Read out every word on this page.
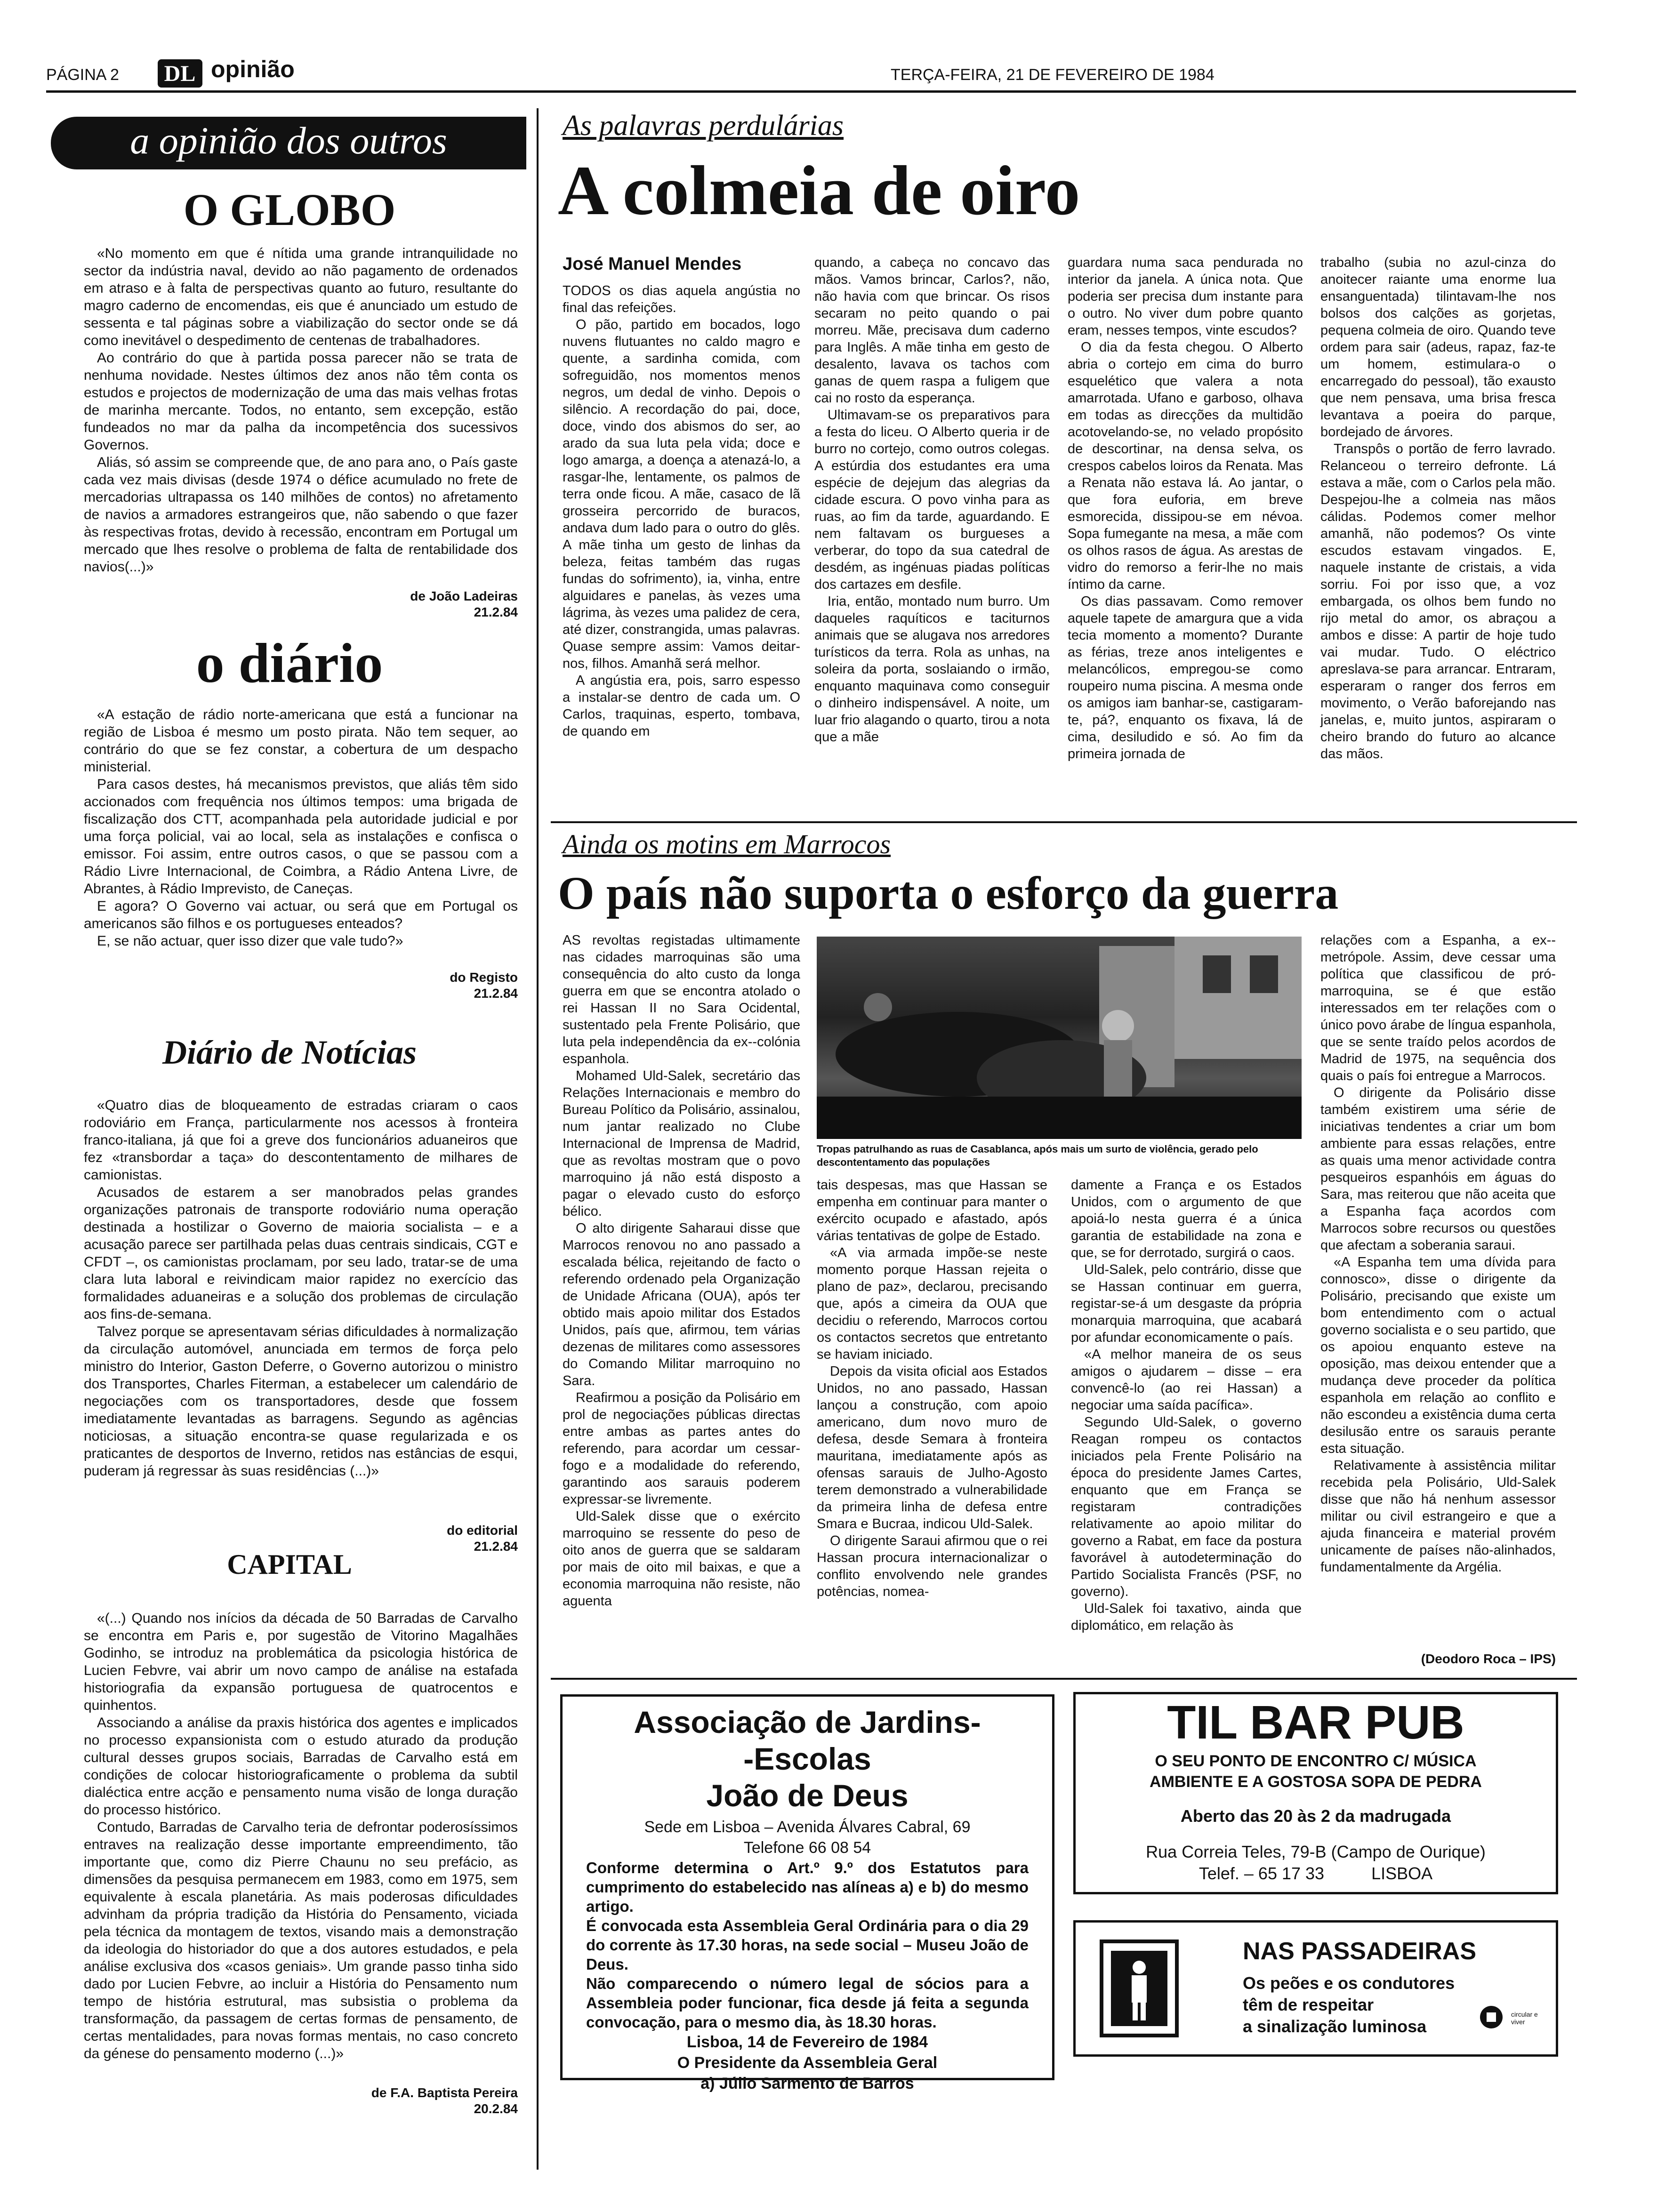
PÁGINA 2 DL opinião	TERÇA-FEIRA, 21 DE FEVEREIRO DE 1984
a opinião dos outros
O GLOBO

«No momento em que é nítida uma grande intranquilidade no sector da indústria naval, devido ao não pagamento de ordenados em atraso e à falta de perspectivas quanto ao futuro, resultante do magro caderno de encomendas, eis que é anunciado um estudo de sessenta e tal páginas sobre a viabilização do sector onde se dá como inevitável o despedimento de centenas de trabalhadores.

Ao contrário do que à partida possa parecer não se trata de nenhuma novidade. Nestes últimos dez anos não têm conta os estudos e projectos de modernização de uma das mais velhas frotas de marinha mercante. Todos, no entanto, sem excepção, estão fundeados no mar da palha da incompetência dos sucessivos Governos.

Aliás, só assim se compreende que, de ano para ano, o País gaste cada vez mais divisas (desde 1974 o défice acumulado no frete de mercadorias ultrapassa os 140 milhões de contos) no afretamento de navios a armadores estrangeiros que, não sabendo o que fazer às respectivas frotas, devido à recessão, encontram em Portugal um mercado que lhes resolve o problema de falta de rentabilidade dos navios(...)»

de João Ladeiras
21.2.84
o diário

«A estação de rádio norte-americana que está a funcionar na região de Lisboa é mesmo um posto pirata. Não tem sequer, ao contrário do que se fez constar, a cobertura de um despacho ministerial.

Para casos destes, há mecanismos previstos, que aliás têm sido accionados com frequência nos últimos tempos: uma brigada de fiscalização dos CTT, acompanhada pela autoridade judicial e por uma força policial, vai ao local, sela as instalações e confisca o emissor. Foi assim, entre outros casos, o que se passou com a Rádio Livre Internacional, de Coimbra, a Rádio Antena Livre, de Abrantes, à Rádio Imprevisto, de Caneças.

E agora? O Governo vai actuar, ou será que em Portugal os americanos são filhos e os portugueses enteados?

E, se não actuar, quer isso dizer que vale tudo?»

do Registo
21.2.84
Diário de Notícias

«Quatro dias de bloqueamento de estradas criaram o caos rodoviário em França, particularmente nos acessos à fronteira franco-italiana, já que foi a greve dos funcionários aduaneiros que fez «transbordar a taça» do descontentamento de milhares de camionistas.

Acusados de estarem a ser manobrados pelas grandes organizações patronais de transporte rodoviário numa operação destinada a hostilizar o Governo de maioria socialista – e a acusação parece ser partilhada pelas duas centrais sindicais, CGT e CFDT –, os camionistas proclamam, por seu lado, tratar-se de uma clara luta laboral e reivindicam maior rapidez no exercício das formalidades aduaneiras e a solução dos problemas de circulação aos fins-de-semana.

Talvez porque se apresentavam sérias dificuldades à normalização da circulação automóvel, anunciada em termos de força pelo ministro do Interior, Gaston Deferre, o Governo autorizou o ministro dos Transportes, Charles Fiterman, a estabelecer um calendário de negociações com os transportadores, desde que fossem imediatamente levantadas as barragens. Segundo as agências noticiosas, a situação encontra-se quase regularizada e os praticantes de desportos de Inverno, retidos nas estâncias de esqui, puderam já regressar às suas residências (...)»

do editorial
21.2.84
CAPITAL

«(...) Quando nos inícios da década de 50 Barradas de Carvalho se encontra em Paris e, por sugestão de Vitorino Magalhães Godinho, se introduz na problemática da psicologia histórica de Lucien Febvre, vai abrir um novo campo de análise na estafada historiografia da expansão portuguesa de quatrocentos e quinhentos.

Associando a análise da praxis histórica dos agentes e implicados no processo expansionista com o estudo aturado da produção cultural desses grupos sociais, Barradas de Carvalho está em condições de colocar historiograficamente o problema da subtil dialéctica entre acção e pensamento numa visão de longa duração do processo histórico.

Contudo, Barradas de Carvalho teria de defrontar poderosíssimos entraves na realização desse importante empreendimento, tão importante que, como diz Pierre Chaunu no seu prefácio, as dimensões da pesquisa permanecem em 1983, como em 1975, sem equivalente à escala planetária. As mais poderosas dificuldades advinham da própria tradição da História do Pensamento, viciada pela técnica da montagem de textos, visando mais a demonstração da ideologia do historiador do que a dos autores estudados, e pela análise exclusiva dos «casos geniais». Um grande passo tinha sido dado por Lucien Febvre, ao incluir a História do Pensamento num tempo de história estrutural, mas subsistia o problema da transformação, da passagem de certas formas de pensamento, de certas mentalidades, para novas formas mentais, no caso concreto da génese do pensamento moderno (...)»

de F.A. Baptista Pereira
20.2.84
As palavras perdulárias
A colmeia de oiro
José Manuel Mendes

TODOS os dias aquela angústia no final das refeições.

O pão, partido em bocados, logo nuvens flutuantes no caldo magro e quente, a sardinha comida, com sofreguidão, nos momentos menos negros, um dedal de vinho. Depois o silêncio. A recordação do pai, doce, doce, vindo dos abismos do ser, ao arado da sua luta pela vida; doce e logo amarga, a doença a atenazá-lo, a rasgar-lhe, lentamente, os palmos de terra onde ficou. A mãe, casaco de lã grosseira percorrido de buracos, andava dum lado para o outro do glês. A mãe tinha um gesto de linhas da beleza, feitas também das rugas fundas do sofrimento), ia, vinha, entre alguidares e panelas, às vezes uma lágrima, às vezes uma palidez de cera, até dizer, constrangida, umas palavras. Quase sempre assim: Vamos deitar-nos, filhos. Amanhã será melhor.

A angústia era, pois, sarro espesso a instalar-se dentro de cada um. O Carlos, traquinas, esperto, tombava, de quando em

quando, a cabeça no concavo das mãos. Vamos brincar, Carlos?, não, não havia com que brincar. Os risos secaram no peito quando o pai morreu. Mãe, precisava dum caderno para Inglês. A mãe tinha em gesto de desalento, lavava os tachos com ganas de quem raspa a fuligem que cai no rosto da esperança.

Ultimavam-se os preparativos para a festa do liceu. O Alberto queria ir de burro no cortejo, como outros colegas. A estúrdia dos estudantes era uma espécie de dejejum das alegrias da cidade escura. O povo vinha para as ruas, ao fim da tarde, aguardando. E nem faltavam os burgueses a verberar, do topo da sua catedral de desdém, as ingénuas piadas políticas dos cartazes em desfile.

Iria, então, montado num burro. Um daqueles raquíticos e taciturnos animais que se alugava nos arredores turísticos da terra. Rola as unhas, na soleira da porta, soslaiando o irmão, enquanto maquinava como conseguir o dinheiro indispensável. A noite, um luar frio alagando o quarto, tirou a nota que a mãe

guardara numa saca pendurada no interior da janela. A única nota. Que poderia ser precisa dum instante para o outro. No viver dum pobre quanto eram, nesses tempos, vinte escudos?

O dia da festa chegou. O Alberto abria o cortejo em cima do burro esquelético que valera a nota amarrotada. Ufano e garboso, olhava em todas as direcções da multidão acotovelando-se, no velado propósito de descortinar, na densa selva, os crespos cabelos loiros da Renata. Mas a Renata não estava lá. Ao jantar, o que fora euforia, em breve esmorecida, dissipou-se em névoa. Sopa fumegante na mesa, a mãe com os olhos rasos de água. As arestas de vidro do remorso a ferir-lhe no mais íntimo da carne.

Os dias passavam. Como remover aquele tapete de amargura que a vida tecia momento a momento? Durante as férias, treze anos inteligentes e melancólicos, empregou-se como roupeiro numa piscina. A mesma onde os amigos iam banhar-se, castigaram-te, pá?, enquanto os fixava, lá de cima, desiludido e só. Ao fim da primeira jornada de

trabalho (subia no azul-cinza do anoitecer raiante uma enorme lua ensanguentada) tilintavam-lhe nos bolsos dos calções as gorjetas, pequena colmeia de oiro. Quando teve ordem para sair (adeus, rapaz, faz-te um homem, estimulara-o o encarregado do pessoal), tão exausto que nem pensava, uma brisa fresca levantava a poeira do parque, bordejado de árvores.

Transpôs o portão de ferro lavrado. Relanceou o terreiro defronte. Lá estava a mãe, com o Carlos pela mão. Despejou-lhe a colmeia nas mãos cálidas. Podemos comer melhor amanhã, não podemos? Os vinte escudos estavam vingados. E, naquele instante de cristais, a vida sorriu. Foi por isso que, a voz embargada, os olhos bem fundo no rijo metal do amor, os abraçou a ambos e disse: A partir de hoje tudo vai mudar. Tudo. O eléctrico apreslava-se para arrancar. Entraram, esperaram o ranger dos ferros em movimento, o Verão baforejando nas janelas, e, muito juntos, aspiraram o cheiro brando do futuro ao alcance das mãos.

Ainda os motins em Marrocos
O país não suporta o esforço da guerra

AS revoltas registadas ultimamente nas cidades marroquinas são uma consequência do alto custo da longa guerra em que se encontra atolado o rei Hassan II no Sara Ocidental, sustentado pela Frente Polisário, que luta pela independência da ex--colónia espanhola.

Mohamed Uld-Salek, secretário das Relações Internacionais e membro do Bureau Político da Polisário, assinalou, num jantar realizado no Clube Internacional de Imprensa de Madrid, que as revoltas mostram que o povo marroquino já não está disposto a pagar o elevado custo do esforço bélico.

O alto dirigente Saharaui disse que Marrocos renovou no ano passado a escalada bélica, rejeitando de facto o referendo ordenado pela Organização de Unidade Africana (OUA), após ter obtido mais apoio militar dos Estados Unidos, país que, afirmou, tem várias dezenas de militares como assessores do Comando Militar marroquino no Sara.

Reafirmou a posição da Polisário em prol de negociações públicas directas entre ambas as partes antes do referendo, para acordar um cessar-fogo e a modalidade do referendo, garantindo aos sarauis poderem expressar-se livremente.

Uld-Salek disse que o exército marroquino se ressente do peso de oito anos de guerra que se saldaram por mais de oito mil baixas, e que a economia marroquina não resiste, não aguenta

Tropas patrulhando as ruas de Casablanca, após mais um surto de violência, gerado pelo descontentamento das populações

tais despesas, mas que Hassan se empenha em continuar para manter o exército ocupado e afastado, após várias tentativas de golpe de Estado.

«A via armada impõe-se neste momento porque Hassan rejeita o plano de paz», declarou, precisando que, após a cimeira da OUA que decidiu o referendo, Marrocos cortou os contactos secretos que entretanto se haviam iniciado.

Depois da visita oficial aos Estados Unidos, no ano passado, Hassan lançou a construção, com apoio americano, dum novo muro de defesa, desde Semara à fronteira mauritana, imediatamente após as ofensas sarauis de Julho-Agosto terem demonstrado a vulnerabilidade da primeira linha de defesa entre Smara e Bucraa, indicou Uld-Salek.

O dirigente Saraui afirmou que o rei Hassan procura internacionalizar o conflito envolvendo nele grandes potências, nomea-

damente a França e os Estados Unidos, com o argumento de que apoiá-lo nesta guerra é a única garantia de estabilidade na zona e que, se for derrotado, surgirá o caos.

Uld-Salek, pelo contrário, disse que se Hassan continuar em guerra, registar-se-á um desgaste da própria monarquia marroquina, que acabará por afundar economicamente o país.

«A melhor maneira de os seus amigos o ajudarem – disse – era convencê-lo (ao rei Hassan) a negociar uma saída pacífica».

Segundo Uld-Salek, o governo Reagan rompeu os contactos iniciados pela Frente Polisário na época do presidente James Cartes, enquanto que em França se registaram contradições relativamente ao apoio militar do governo a Rabat, em face da postura favorável à autodeterminação do Partido Socialista Francês (PSF, no governo).

Uld-Salek foi taxativo, ainda que diplomático, em relação às

relações com a Espanha, a ex--metrópole. Assim, deve cessar uma política que classificou de pró-marroquina, se é que estão interessados em ter relações com o único povo árabe de língua espanhola, que se sente traído pelos acordos de Madrid de 1975, na sequência dos quais o país foi entregue a Marrocos.

O dirigente da Polisário disse também existirem uma série de iniciativas tendentes a criar um bom ambiente para essas relações, entre as quais uma menor actividade contra pesqueiros espanhóis em águas do Sara, mas reiterou que não aceita que a Espanha faça acordos com Marrocos sobre recursos ou questões que afectam a soberania saraui.

«A Espanha tem uma dívida para connosco», disse o dirigente da Polisário, precisando que existe um bom entendimento com o actual governo socialista e o seu partido, que os apoiou enquanto esteve na oposição, mas deixou entender que a mudança deve proceder da política espanhola em relação ao conflito e não escondeu a existência duma certa desilusão entre os sarauis perante esta situação.

Relativamente à assistência militar recebida pela Polisário, Uld-Salek disse que não há nenhum assessor militar ou civil estrangeiro e que a ajuda financeira e material provém unicamente de países não-alinhados, fundamentalmente da Argélia.

(Deodoro Roca – IPS)
Associação de Jardins-
-Escolas
João de Deus
Sede em Lisboa – Avenida Álvares Cabral, 69
Telefone 66 08 54
Conforme determina o Art.º 9.º dos Estatutos para cumprimento do estabelecido nas alíneas a) e b) do mesmo artigo.
É convocada esta Assembleia Geral Ordinária para o dia 29 do corrente às 17.30 horas, na sede social – Museu João de Deus.
Não comparecendo o número legal de sócios para a Assembleia poder funcionar, fica desde já feita a segunda convocação, para o mesmo dia, às 18.30 horas.
Lisboa, 14 de Fevereiro de 1984
O Presidente da Assembleia Geral
a) Júlio Sarmento de Barros
TIL BAR PUB
O SEU PONTO DE ENCONTRO C/ MÚSICA
AMBIENTE E A GOSTOSA SOPA DE PEDRA
Aberto das 20 às 2 da madrugada
Rua Correia Teles, 79-B (Campo de Ourique)
Telef. – 65 17 33	LISBOA
NAS PASSADEIRAS
Os peões e os condutores
têm de respeitar
a sinalização luminosa
circular e viver
